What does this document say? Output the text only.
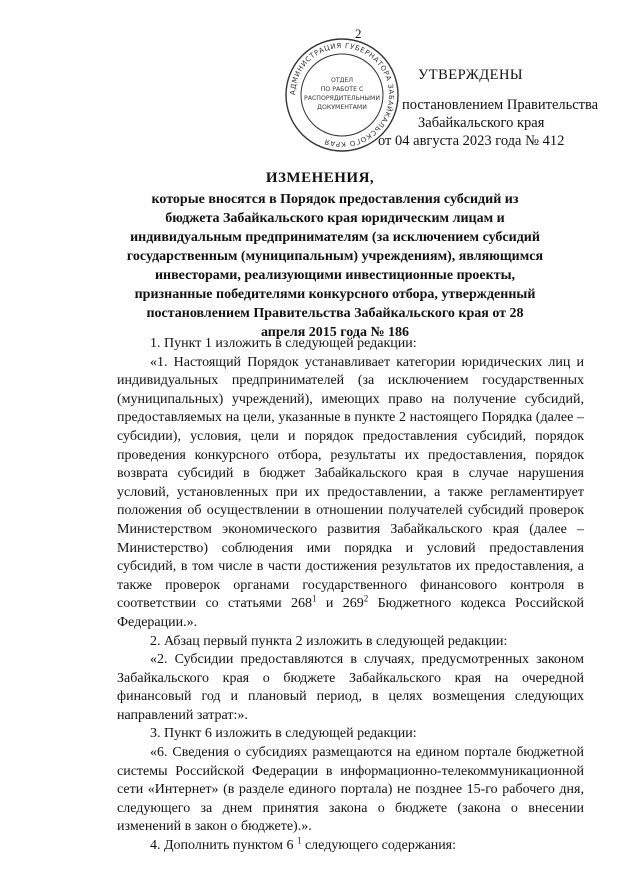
2
АДМИНИСТРАЦИЯ ГУБЕРНАТОРА ЗАБАЙКАЛЬСКОГО КРАЯ
ОТДЕЛ
ПО РАБОТЕ С
РАСПОРЯДИТЕЛЬНЫМИ
ДОКУМЕНТАМИ
УТВЕРЖДЕНЫ
постановлением Правительства
Забайкальского края
от 04 августа 2023 года № 412
ИЗМЕНЕНИЯ,
которые вносятся в Порядок предоставления субсидий из бюджета Забайкальского края юридическим лицам и индивидуальным предпринимателям (за исключением субсидий государственным (муниципальным) учреждениям), являющимся инвесторами, реализующими инвестиционные проекты, признанные победителями конкурсного отбора, утвержденный постановлением Правительства Забайкальского края от 28 апреля 2015 года № 186

1. Пункт 1 изложить в следующей редакции:

«1. Настоящий Порядок устанавливает категории юридических лиц и индивидуальных предпринимателей (за исключением государственных (муниципальных) учреждений), имеющих право на получение субсидий, предоставляемых на цели, указанные в пункте 2 настоящего Порядка (далее – субсидии), условия, цели и порядок предоставления субсидий, порядок проведения конкурсного отбора, результаты их предоставления, порядок возврата субсидий в бюджет Забайкальского края в случае нарушения условий, установленных при их предоставлении, а также регламентирует положения об осуществлении в отношении получателей субсидий проверок Министерством экономического развития Забайкальского края (далее – Министерство) соблюдения ими порядка и условий предоставления субсидий, в том числе в части достижения результатов их предоставления, а также проверок органами государственного финансового контроля в соответствии со статьями $268^1$ и $269^2$ Бюджетного кодекса Российской Федерации.».

2. Абзац первый пункта 2 изложить в следующей редакции:

«2. Субсидии предоставляются в случаях, предусмотренных законом Забайкальского края о бюджете Забайкальского края на очередной финансовый год и плановый период, в целях возмещения следующих направлений затрат:».

3. Пункт 6 изложить в следующей редакции:

«6. Сведения о субсидиях размещаются на едином портале бюджетной системы Российской Федерации в информационно-телекоммуникационной сети «Интернет» (в разделе единого портала) не позднее 15-го рабочего дня, следующего за днем принятия закона о бюджете (закона о внесении изменений в закон о бюджете).».

4. Дополнить пунктом 6 $^1$ следующего содержания:
